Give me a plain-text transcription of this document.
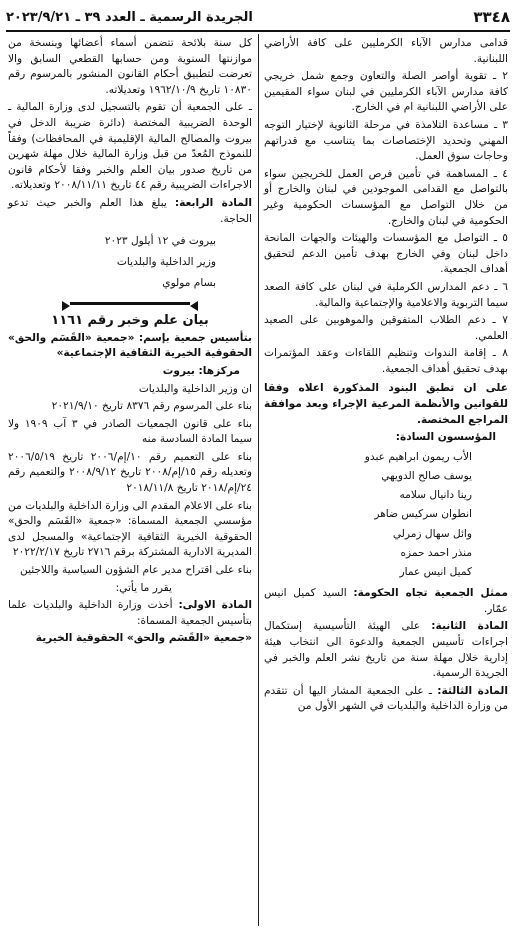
٣٣٤٨
الجريدة الرسمية ـ العدد ٣٩ ـ ٢٠٢٣/٩/٢١

قدامى مدارس الآباء الكرمليين على كافة الأراضي اللبنانية.

٢ ـ تقوية أواصر الصلة والتعاون وجمع شمل خريجي كافة مدارس الآباء الكرمليين في لبنان سواء المقيمين على الأراضي اللبنانية ام في الخارج.

٣ ـ مساعدة التلامذة في مرحلة الثانوية لإختيار التوجه المهني وتحديد الإختصاصات بما يتناسب مع قدراتهم وحاجات سوق العمل.

٤ ـ المساهمة في تأمين فرص العمل للخريجين سواء بالتواصل مع القدامى الموجودين في لبنان والخارج أو من خلال التواصل مع المؤسسات الحكومية وغير الحكومية في لبنان والخارج.

٥ ـ التواصل مع المؤسسات والهيئات والجهات المانحة داخل لبنان وفي الخارج بهدف تأمين الدعم لتحقيق أهداف الجمعية.

٦ ـ دعم المدارس الكرملية في لبنان على كافة الصعد سيما التربوية والاعلامية والإجتماعية والمالية.

٧ ـ دعم الطلاب المتفوقين والموهوبين على الصعيد العلمي.

٨ ـ إقامة الندوات وتنظيم اللقاءات وعقد المؤتمرات بهدف تحقيق أهداف الجمعية.

على ان تطبق البنود المذكورة اعلاه وفقا للقوانين والأنظمة المرعية الإجراء وبعد موافقة المراجع المختصة.

المؤسسون السادة:

الأب ريمون ابراهيم عبدو

يوسف صالح الدويهي

رينا دانيال سلامه

انطوان سركيس ضاهر

وائل سهال زمرلي

منذر احمد حمزه

كميل انيس عمار

ممثل الجمعية تجاه الحكومة: السيد كميل انيس عمّار.

المادة الثانية: على الهيئة التأسيسية إستكمال اجراءات تأسيس الجمعية والدعوة الى انتخاب هيئة إدارية خلال مهلة سنة من تاريخ نشر العلم والخبر في الجريدة الرسمية.

المادة الثالثة: ـ على الجمعية المشار اليها أن تتقدم من وزارة الداخلية والبلديات في الشهر الأول من

كل سنة بلائحة تتضمن أسماء أعضائها وبنسخة من موازنتها السنوية ومن حسابها القطعي السابق والا تعرضت لتطبيق أحكام القانون المنشور بالمرسوم رقم ١٠٨٣٠ تاريخ ١٩٦٢/١٠/٩ وتعديلاته.

ـ على الجمعية أن تقوم بالتسجيل لدى وزارة المالية ـ الوحدة الضريبية المختصة (دائرة ضريبة الدخل في بيروت والمصالح المالية الإقليمية في المحافظات) وفقاً للنموذج المُعدّ من قبل وزارة المالية خلال مهلة شهرين من تاريخ صدور بيان العلم والخبر وفقا لأحكام قانون الاجراءات الضريبية رقم ٤٤ تاريخ ٢٠٠٨/١١/١١ وتعديلاته.

المادة الرابعة: يبلغ هذا العلم والخبر حيث تدعو الحاجة.

بيروت في ١٢ أيلول ٢٠٢٣

وزير الداخلية والبلديات

بسام مولوي

بيان علم وخبر رقم ١١٦١

بتأسيس جمعية بإسم: «جمعية «القَسَم والحق» الحقوقية الخيرية الثقافية الإجتماعية»

مركزها: بيروت

ان وزير الداخلية والبلديات

بناء على المرسوم رقم ٨٣٧٦ تاريخ ٢٠٢١/٩/١٠

بناء على قانون الجمعيات الصادر في ٣ آب ١٩٠٩ ولا سيما المادة السادسة منه

بناء على التعميم رقم ١٠/إم/٢٠٠٦ تاريخ ٢٠٠٦/٥/١٩ وتعديله رقم ١٥/إم/٢٠٠٨ تاريخ ٢٠٠٨/٩/١٢ والتعميم رقم ٢٤/إم/٢٠١٨ تاريخ ٢٠١٨/١١/٨

بناء على الاعلام المقدم الى وزارة الداخلية والبلديات من مؤسسي الجمعية المسماة: «جمعية «القَسَم والحق» الحقوقية الخيرية الثقافية الإجتماعية» والمسجل لدى المديرية الادارية المشتركة برقم ٢٧١٦ تاريخ ٢٠٢٢/٢/١٧

بناء على اقتراح مدير عام الشؤون السياسية واللاجئين

يقرر ما يأتي:

المادة الاولى: أخذت وزارة الداخلية والبلديات علما بتأسيس الجمعية المسماة:

«جمعية «القَسَم والحق» الحقوقية الخيرية
